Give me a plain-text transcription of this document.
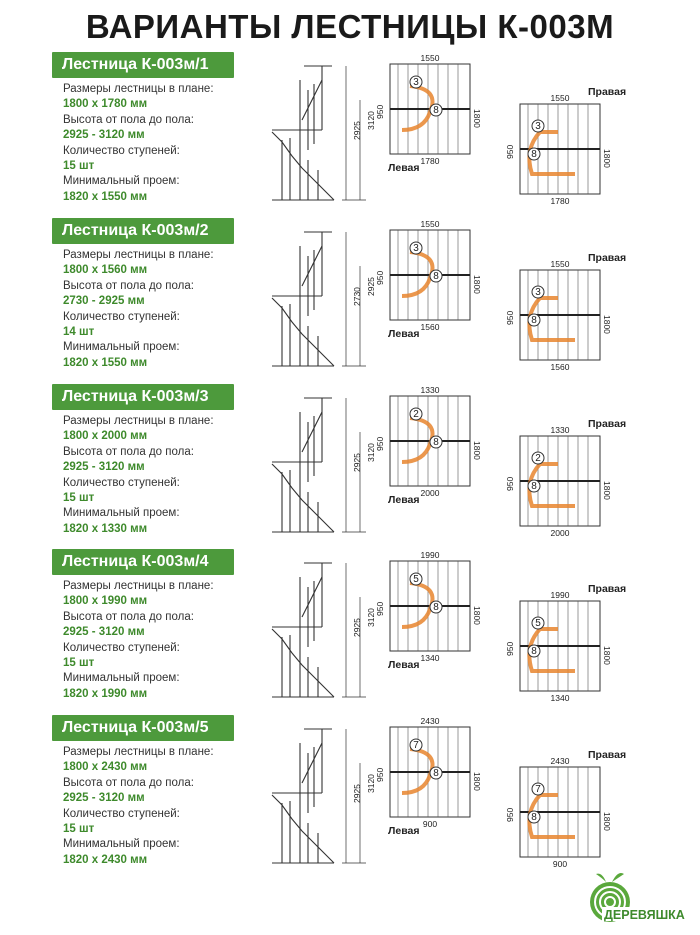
ВАРИАНТЫ ЛЕСТНИЦЫ К-003М
Лестница К-003м/1
Размеры лестницы в плане:
1800 х 1780 мм
Высота от пола до пола:
2925 - 3120 мм
Количество ступеней:
15 шт
Минимальный проем:
1820 х 1550 мм
2925
3120
3
8
1550
1780
1800
950
Левая
3
8
1550
1780
1800
950
Правая
Лестница К-003м/2
Размеры лестницы в плане:
1800 х 1560 мм
Высота от пола до пола:
2730 - 2925 мм
Количество ступеней:
14 шт
Минимальный проем:
1820 х 1550 мм
2730
2925
3
8
1550
1560
1800
950
Левая
3
8
1550
1560
1800
950
Правая
Лестница К-003м/3
Размеры лестницы в плане:
1800 х 2000 мм
Высота от пола до пола:
2925 - 3120 мм
Количество ступеней:
15 шт
Минимальный проем:
1820 х 1330 мм
2925
3120
2
8
1330
2000
1800
950
Левая
2
8
1330
2000
1800
950
Правая
Лестница К-003м/4
Размеры лестницы в плане:
1800 х 1990 мм
Высота от пола до пола:
2925 - 3120 мм
Количество ступеней:
15 шт
Минимальный проем:
1820 х 1990 мм
2925
3120
5
8
1990
1340
1800
950
Левая
5
8
1990
1340
1800
950
Правая
Лестница К-003м/5
Размеры лестницы в плане:
1800 х 2430 мм
Высота от пола до пола:
2925 - 3120 мм
Количество ступеней:
15 шт
Минимальный проем:
1820 х 2430 мм
2925
3120
7
8
2430
900
1800
950
Левая
7
8
2430
900
1800
950
Правая
ДЕРЕВЯШКА
